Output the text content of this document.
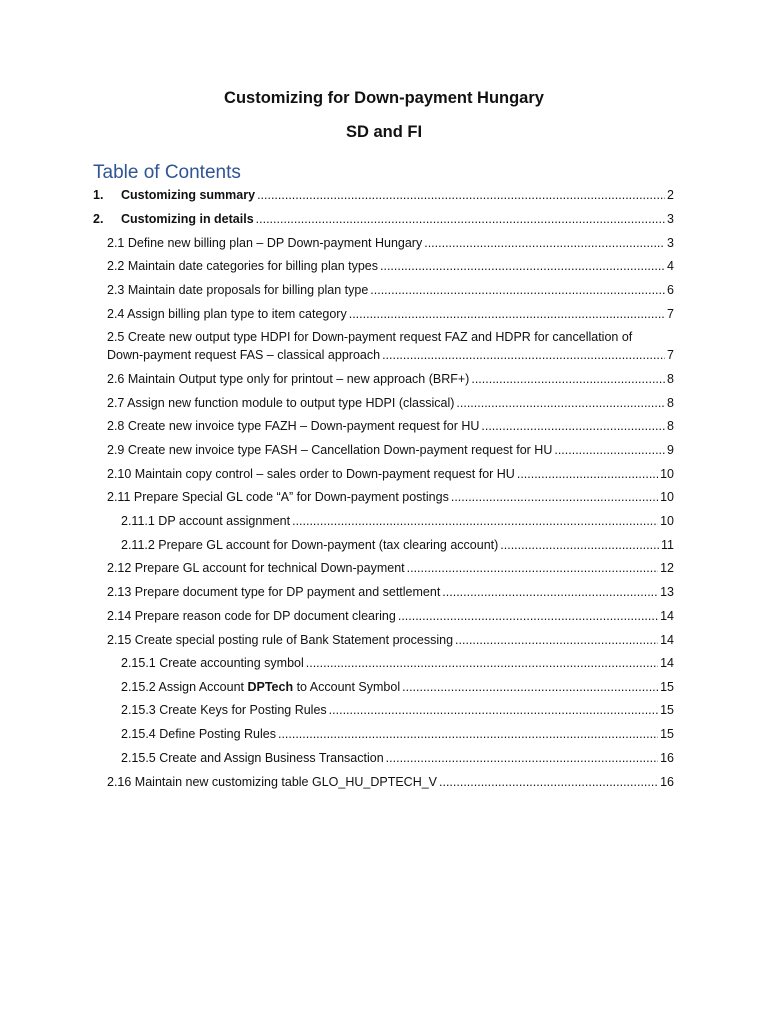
Customizing for Down-payment Hungary
SD and FI
Table of Contents
1.	Customizing summary .....	2
2.	Customizing in details .....	3
2.1 Define new billing plan – DP Down-payment Hungary .....	3
2.2 Maintain date categories for billing plan types .....	4
2.3 Maintain date proposals for billing plan type .....	6
2.4 Assign billing plan type to item category .....	7
2.5 Create new output type HDPI for Down-payment request FAZ and HDPR for cancellation of
Down-payment request FAS – classical approach .....	7
2.6 Maintain Output type only for printout – new approach (BRF+) .....	8
2.7 Assign new function module to output type HDPI (classical) .....	8
2.8 Create new invoice type FAZH – Down-payment request for HU .....	8
2.9 Create new invoice type FASH – Cancellation Down-payment request for HU .....	9
2.10 Maintain copy control – sales order to Down-payment request for HU .....	10
2.11 Prepare Special GL code “A” for Down-payment postings .....	10
2.11.1 DP account assignment .....	10
2.11.2 Prepare GL account for Down-payment (tax clearing account) .....	11
2.12 Prepare GL account for technical Down-payment .....	12
2.13 Prepare document type for DP payment and settlement .....	13
2.14 Prepare reason code for DP document clearing .....	14
2.15 Create special posting rule of Bank Statement processing .....	14
2.15.1 Create accounting symbol .....	14
2.15.2 Assign Account DPTech to Account Symbol .....	15
2.15.3 Create Keys for Posting Rules .....	15
2.15.4 Define Posting Rules .....	15
2.15.5 Create and Assign Business Transaction .....	16
2.16 Maintain new customizing table GLO_HU_DPTECH_V .....	16
